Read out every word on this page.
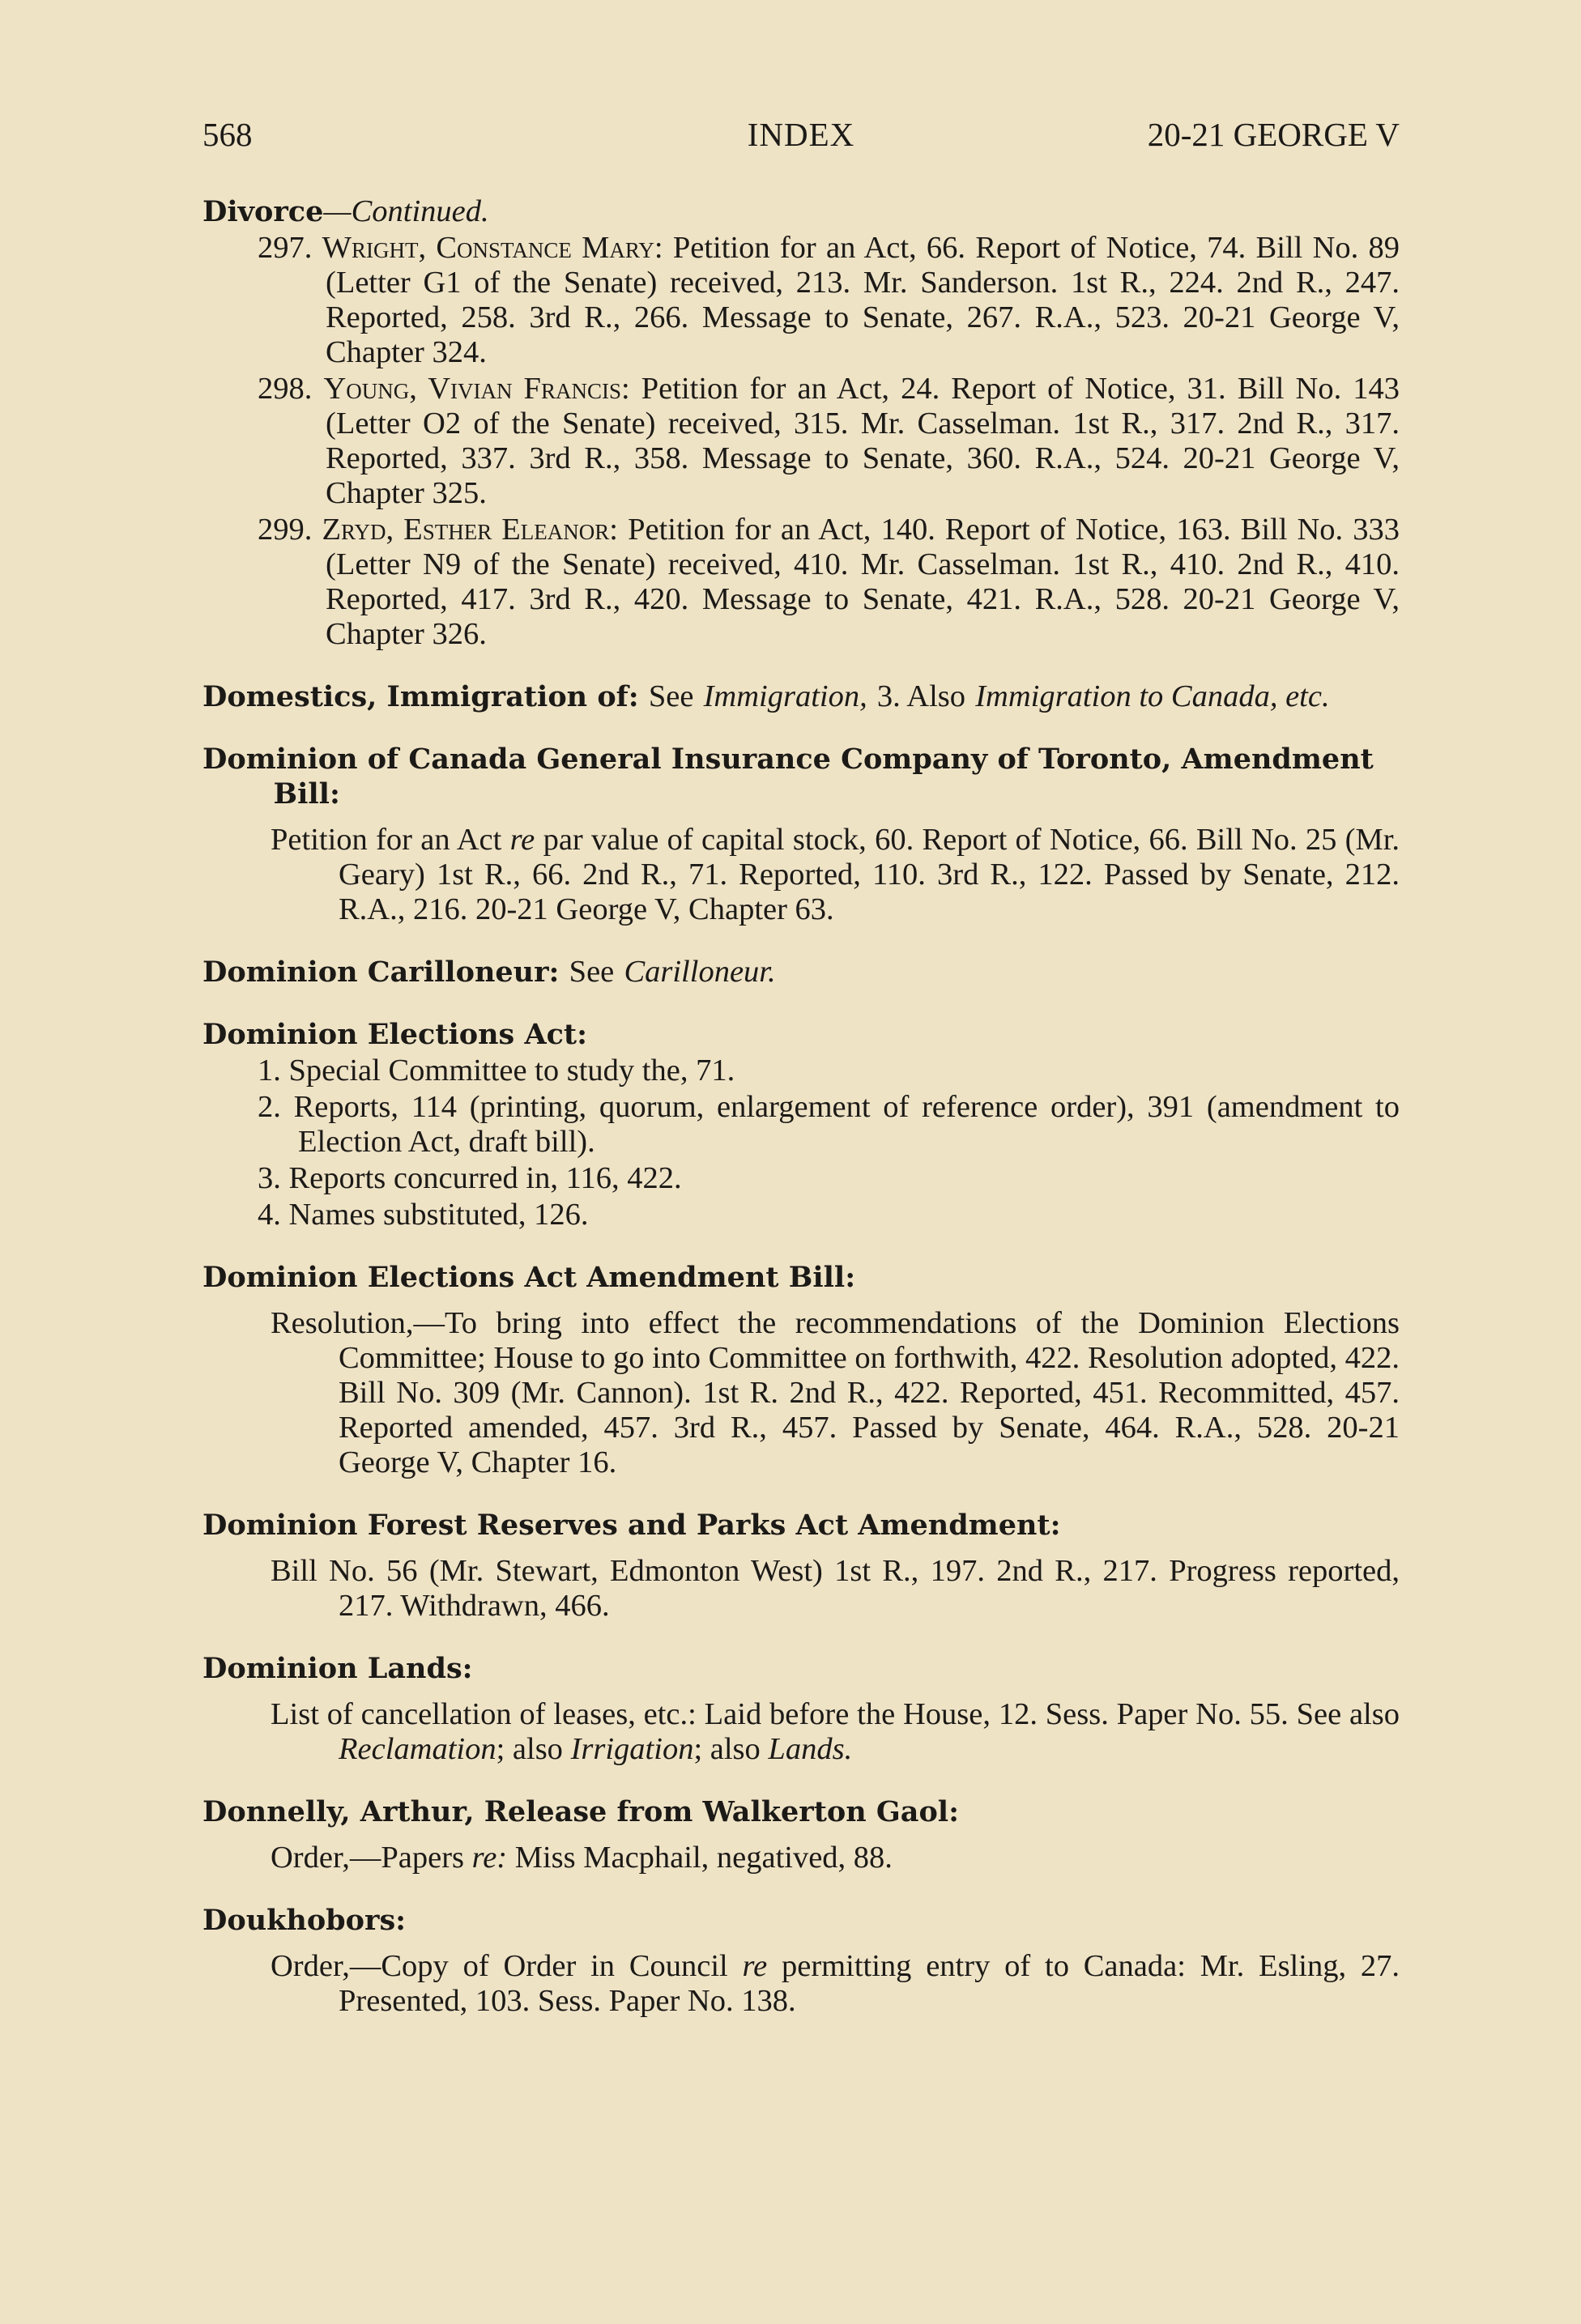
INDEX
568	20-21 GEORGE V
Divorce—Continued.
297. Wright, Constance Mary: Petition for an Act, 66. Report of Notice, 74. Bill No. 89 (Letter G1 of the Senate) received, 213. Mr. Sanderson. 1st R., 224. 2nd R., 247. Reported, 258. 3rd R., 266. Message to Senate, 267. R.A., 523. 20-21 George V, Chapter 324.
298. Young, Vivian Francis: Petition for an Act, 24. Report of Notice, 31. Bill No. 143 (Letter O2 of the Senate) received, 315. Mr. Casselman. 1st R., 317. 2nd R., 317. Reported, 337. 3rd R., 358. Message to Senate, 360. R.A., 524. 20-21 George V, Chapter 325.
299. Zryd, Esther Eleanor: Petition for an Act, 140. Report of Notice, 163. Bill No. 333 (Letter N9 of the Senate) received, 410. Mr. Casselman. 1st R., 410. 2nd R., 410. Reported, 417. 3rd R., 420. Message to Senate, 421. R.A., 528. 20-21 George V, Chapter 326.
Domestics, Immigration of: See Immigration, 3. Also Immigration to Canada, etc.
Dominion of Canada General Insurance Company of Toronto, Amendment Bill:
Petition for an Act re par value of capital stock, 60. Report of Notice, 66. Bill No. 25 (Mr. Geary) 1st R., 66. 2nd R., 71. Reported, 110. 3rd R., 122. Passed by Senate, 212. R.A., 216. 20-21 George V, Chapter 63.
Dominion Carilloneur: See Carilloneur.
Dominion Elections Act:
1. Special Committee to study the, 71.
2. Reports, 114 (printing, quorum, enlargement of reference order), 391 (amendment to Election Act, draft bill).
3. Reports concurred in, 116, 422.
4. Names substituted, 126.
Dominion Elections Act Amendment Bill:
Resolution,—To bring into effect the recommendations of the Dominion Elections Committee; House to go into Committee on forthwith, 422. Resolution adopted, 422. Bill No. 309 (Mr. Cannon). 1st R. 2nd R., 422. Reported, 451. Recommitted, 457. Reported amended, 457. 3rd R., 457. Passed by Senate, 464. R.A., 528. 20-21 George V, Chapter 16.
Dominion Forest Reserves and Parks Act Amendment:
Bill No. 56 (Mr. Stewart, Edmonton West) 1st R., 197. 2nd R., 217. Progress reported, 217. Withdrawn, 466.
Dominion Lands:
List of cancellation of leases, etc.: Laid before the House, 12. Sess. Paper No. 55. See also Reclamation; also Irrigation; also Lands.
Donnelly, Arthur, Release from Walkerton Gaol:
Order,—Papers re: Miss Macphail, negatived, 88.
Doukhobors:
Order,—Copy of Order in Council re permitting entry of to Canada: Mr. Esling, 27. Presented, 103. Sess. Paper No. 138.
